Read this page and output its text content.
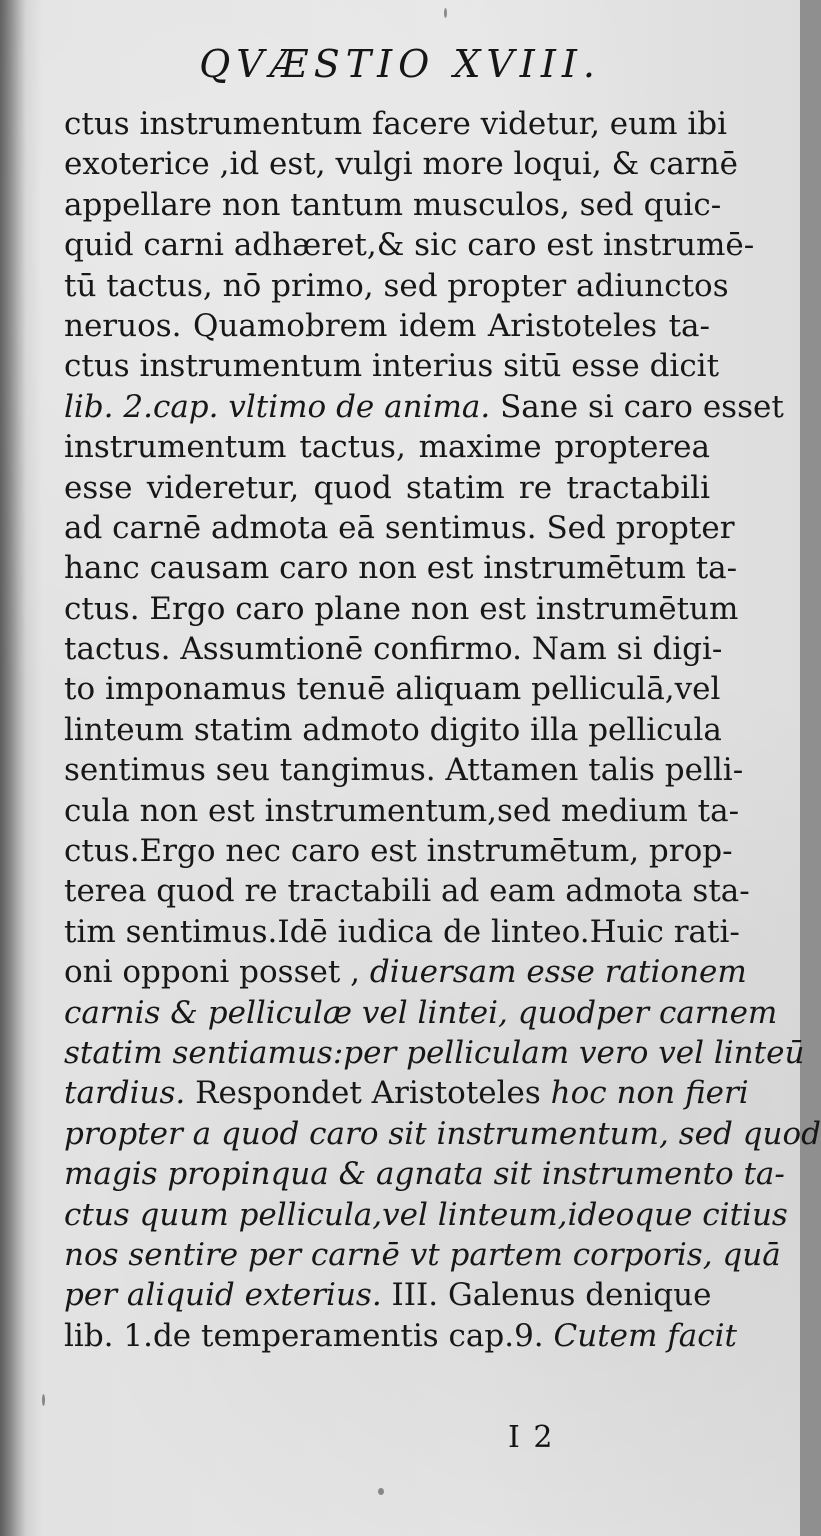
QVÆSTIO XVIII.
ctus instrumentum facere videtur, eum ibi
exoterice ,id est, vulgi more loqui, & carnē
appellare non tantum musculos, sed quic-
quid carni adhæret,& sic caro est instrumē-
tū tactus, nō primo, sed propter adiunctos
neruos. Quamobrem idem Aristoteles ta-
ctus instrumentum interius sitū esse dicit
lib. 2.cap. vltimo de anima. Sane si caro esset
instrumentum tactus, maxime propterea
esse videretur, quod statim re tractabili
ad carnē admota eā sentimus. Sed propter
hanc causam caro non est instrumētum ta-
ctus. Ergo caro plane non est instrumētum
tactus. Assumtionē confirmo. Nam si digi-
to imponamus tenuē aliquam pelliculā,vel
linteum statim admoto digito illa pellicula
sentimus seu tangimus. Attamen talis pelli-
cula non est instrumentum,sed medium ta-
ctus.Ergo nec caro est instrumētum, prop-
terea quod re tractabili ad eam admota sta-
tim sentimus.Idē iudica de linteo.Huic rati-
oni opponi posset , diuersam esse rationem
carnis & pelliculæ vel lintei, quodper carnem
statim sentiamus:per pelliculam vero vel linteū
tardius. Respondet Aristoteles hoc non fieri
propter a quod caro sit instrumentum, sed quod
magis propinqua & agnata sit instrumento ta-
ctus quum pellicula,vel linteum,ideoque citius
nos sentire per carnē vt partem corporis, quā
per aliquid exterius. III. Galenus denique
lib. 1.de temperamentis cap.9. Cutem facit
I 2
